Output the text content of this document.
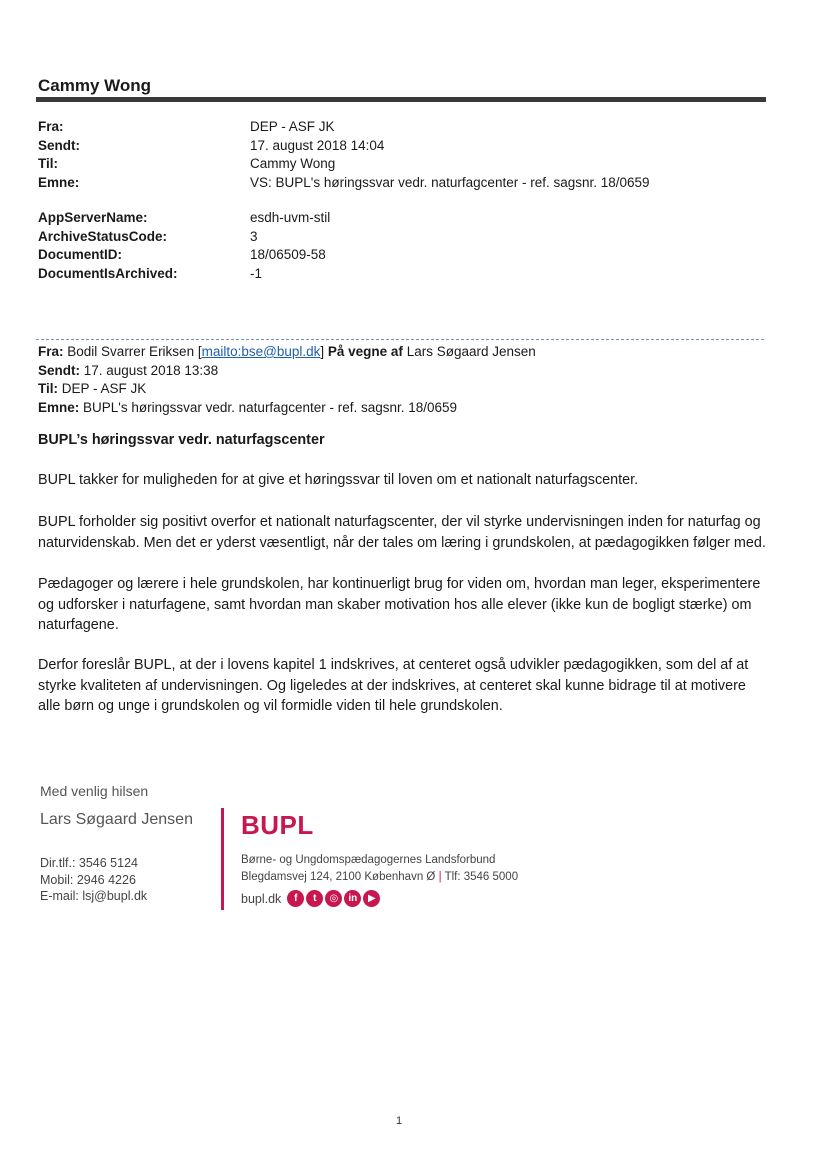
Cammy Wong
Fra:	DEP - ASF JK
Sendt:	17. august 2018 14:04
Til:	Cammy Wong
Emne:	VS: BUPL's høringssvar vedr. naturfagcenter - ref. sagsnr. 18/0659
AppServerName:	esdh-uvm-stil
ArchiveStatusCode:	3
DocumentID:	18/06509-58
DocumentIsArchived:	-1
Fra: Bodil Svarrer Eriksen [mailto:bse@bupl.dk] På vegne af Lars Søgaard Jensen
Sendt: 17. august 2018 13:38
Til: DEP - ASF JK
Emne: BUPL's høringssvar vedr. naturfagcenter - ref. sagsnr. 18/0659
BUPL’s høringssvar vedr. naturfagscenter

BUPL takker for muligheden for at give et høringssvar til loven om et nationalt naturfagscenter.

BUPL forholder sig positivt overfor et nationalt naturfagscenter, der vil styrke undervisningen inden for naturfag og naturvidenskab. Men det er yderst væsentligt, når der tales om læring i grundskolen, at pædagogikken følger med.

Pædagoger og lærere i hele grundskolen, har kontinuerligt brug for viden om, hvordan man leger, eksperimentere og udforsker i naturfagene, samt hvordan man skaber motivation hos alle elever (ikke kun de bogligt stærke) om naturfagene.

Derfor foreslår BUPL, at der i lovens kapitel 1 indskrives, at centeret også udvikler pædagogikken, som del af at styrke kvaliteten af undervisningen. Og ligeledes at der indskrives, at centeret skal kunne bidrage til at motivere alle børn og unge i grundskolen og vil formidle viden til hele grundskolen.

Med venlig hilsen
Lars Søgaard Jensen
Dir.tlf.: 3546 5124
Mobil: 2946 4226
E-mail: lsj@bupl.dk
BUPL
Børne- og Ungdomspædagogernes Landsforbund
Blegdamsvej 124, 2100 København Ø | Tlf: 3546 5000
bupl.dk	f	t	◎	in	▶
1
